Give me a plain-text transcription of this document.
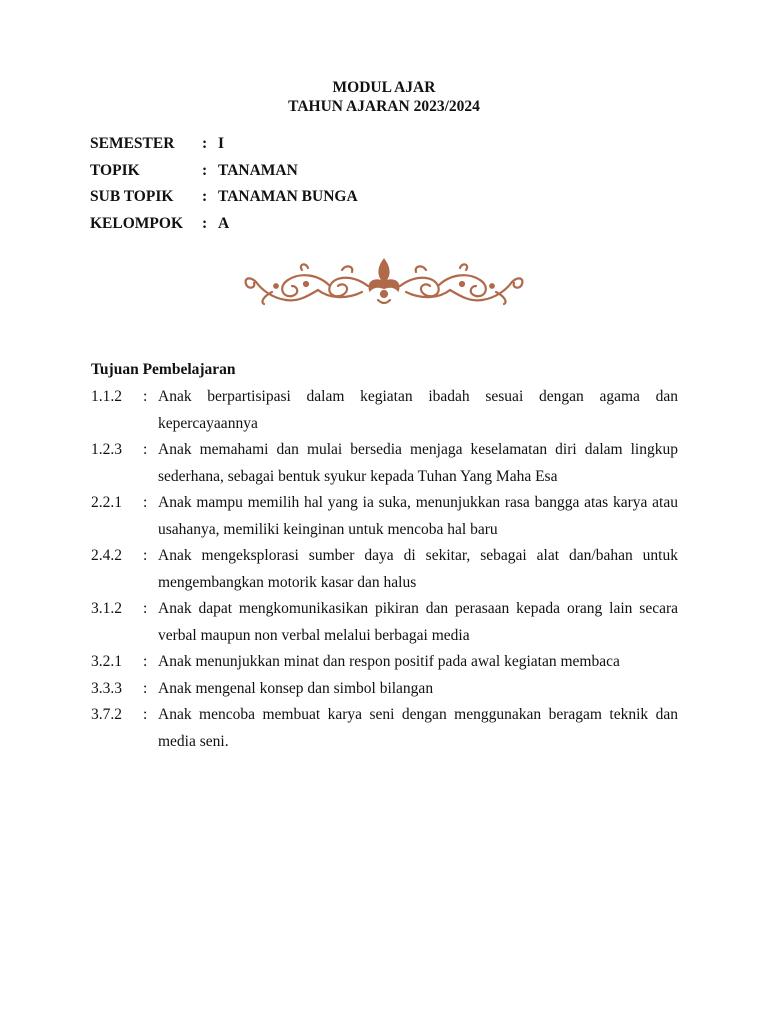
MODUL AJAR
TAHUN AJARAN 2023/2024
SEMESTER	: I
TOPIK	: TANAMAN
SUB TOPIK	: TANAMAN BUNGA
KELOMPOK	: A
Tujuan Pembelajaran
1.1.2	: Anak berpartisipasi dalam kegiatan ibadah sesuai dengan agama dan kepercayaannya
1.2.3	: Anak memahami dan mulai bersedia menjaga keselamatan diri dalam lingkup sederhana, sebagai bentuk syukur kepada Tuhan Yang Maha Esa
2.2.1	: Anak mampu memilih hal yang ia suka, menunjukkan rasa bangga atas karya atau usahanya, memiliki keinginan untuk mencoba hal baru
2.4.2	: Anak mengeksplorasi sumber daya di sekitar, sebagai alat dan/bahan untuk mengembangkan motorik kasar dan halus
3.1.2	: Anak dapat mengkomunikasikan pikiran dan perasaan kepada orang lain secara verbal maupun non verbal melalui berbagai media
3.2.1	: Anak menunjukkan minat dan respon positif pada awal kegiatan membaca
3.3.3	: Anak mengenal konsep dan simbol bilangan
3.7.2	: Anak mencoba membuat karya seni dengan menggunakan beragam teknik dan media seni.
